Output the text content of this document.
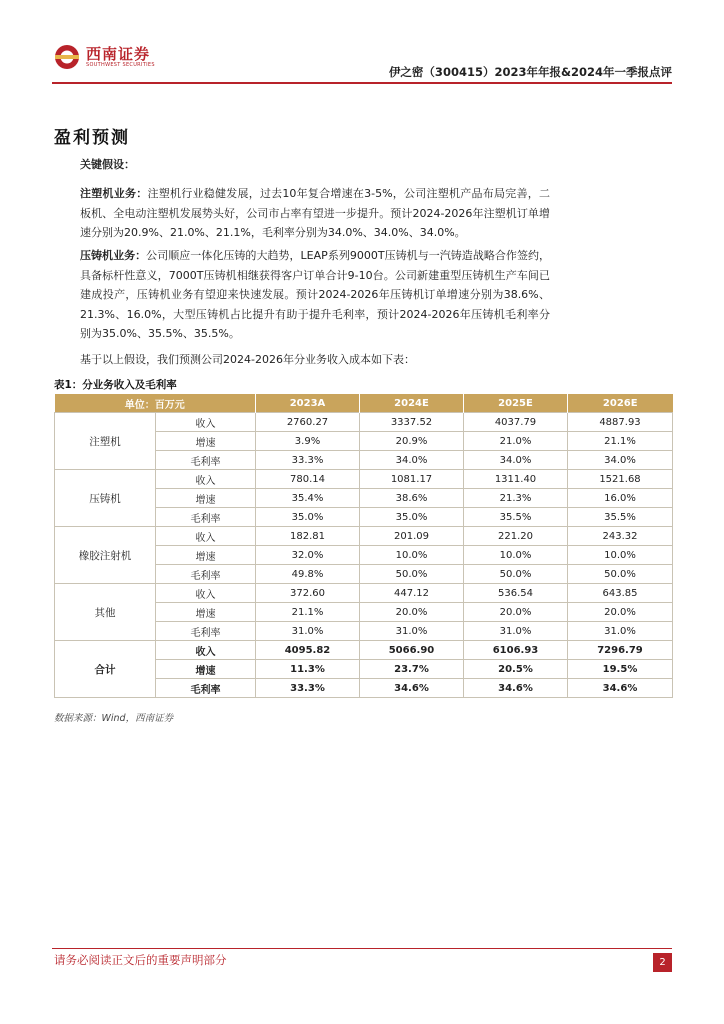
西南证券
SOUTHWEST SECURITIES
伊之密（300415）2023年年报&2024年一季报点评
盈利预测
关键假设：
注塑机业务：注塑机行业稳健发展，过去10年复合增速在3-5%，公司注塑机产品布局完善，二板机、全电动注塑机发展势头好，公司市占率有望进一步提升。预计2024-2026年注塑机订单增速分别为20.9%、21.0%、21.1%，毛利率分别为34.0%、34.0%、34.0%。
压铸机业务：公司顺应一体化压铸的大趋势，LEAP系列9000T压铸机与一汽铸造战略合作签约，具备标杆性意义，7000T压铸机相继获得客户订单合计9-10台。公司新建重型压铸机生产车间已建成投产，压铸机业务有望迎来快速发展。预计2024-2026年压铸机订单增速分别为38.6%、21.3%、16.0%，大型压铸机占比提升有助于提升毛利率，预计2024-2026年压铸机毛利率分别为35.0%、35.5%、35.5%。
基于以上假设，我们预测公司2024-2026年分业务收入成本如下表：
表1：分业务收入及毛利率
单位：百万元		2023A	2024E	2025E	2026E
注塑机	收入	2760.27	3337.52	4037.79	4887.93
	增速	3.9%	20.9%	21.0%	21.1%
	毛利率	33.3%	34.0%	34.0%	34.0%
压铸机	收入	780.14	1081.17	1311.40	1521.68
	增速	35.4%	38.6%	21.3%	16.0%
	毛利率	35.0%	35.0%	35.5%	35.5%
橡胶注射机	收入	182.81	201.09	221.20	243.32
	增速	32.0%	10.0%	10.0%	10.0%
	毛利率	49.8%	50.0%	50.0%	50.0%
其他	收入	372.60	447.12	536.54	643.85
	增速	21.1%	20.0%	20.0%	20.0%
	毛利率	31.0%	31.0%	31.0%	31.0%
合计	收入	4095.82	5066.90	6106.93	7296.79
	增速	11.3%	23.7%	20.5%	19.5%
	毛利率	33.3%	34.6%	34.6%	34.6%
数据来源：Wind，西南证券
请务必阅读正文后的重要声明部分	2
